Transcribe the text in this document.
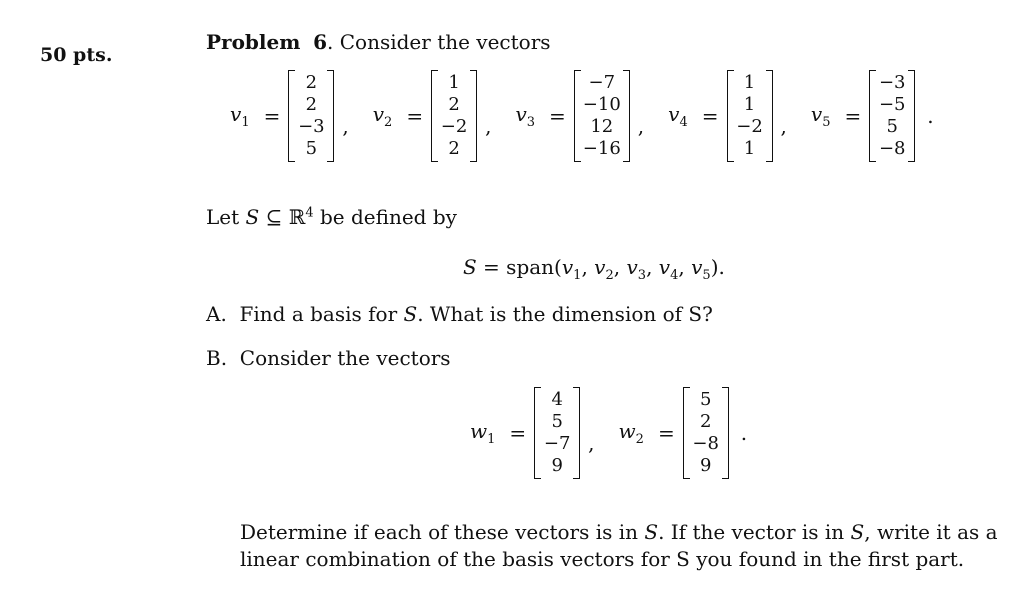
50 pts.
Problem 6. Consider the vectors
$v_1$ =
2
2
−3
5
, $v_2$ =
1
2
−2
2
, $v_3$ =
−7
−10
12
−16
, $v_4$ =
1
1
−2
1
, $v_5$ =
−3
−5
5
−8
.
Let S ⊆ ℝ$^4$ be defined by
$S = span(v_1$, $v_2$, $v_3$, $v_4$, $v_5$).
A. Find a basis for S. What is the dimension of S?
B. Consider the vectors
$w_1$ =
4
5
−7
9
, $w_2$ =
5
2
−8
9
.
Determine if each of these vectors is in S. If the vector is in S, write it as a linear combination of the basis vectors for S you found in the first part.
